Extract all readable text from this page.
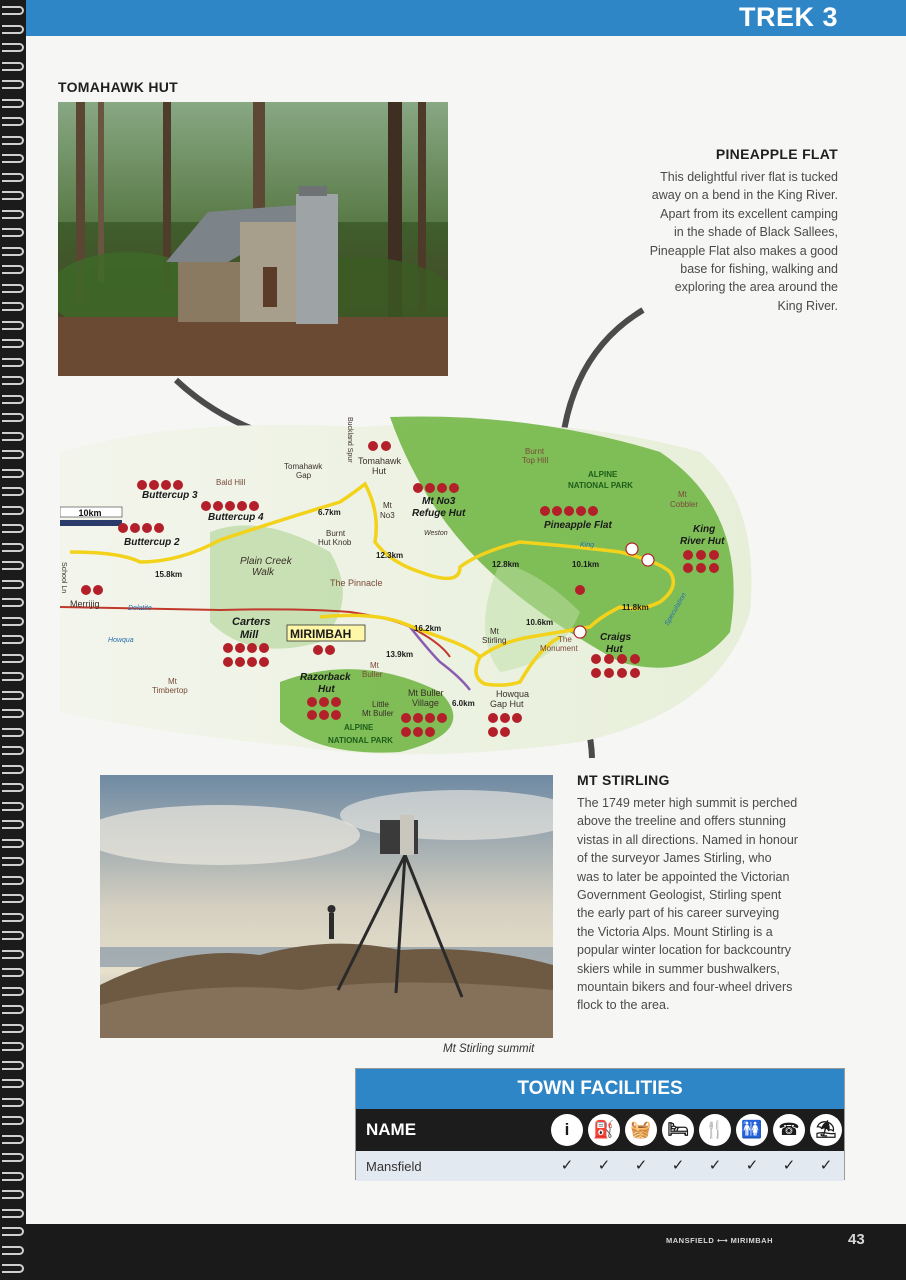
TREK 3
TOMAHAWK HUT
PINEAPPLE FLAT
This delightful river flat is tucked
away on a bend in the King River.
Apart from its excellent camping
in the shade of Black Sallees,
Pineapple Flat also makes a good
base for fishing, walking and
exploring the area around the
King River.
10km
Bald Hill
Tomahawk
Gap
Tomahawk
Hut
Buckland Spur
Buttercup 3
Buttercup 4
Buttercup 2
Mt
No3
Mt No3
Refuge Hut
Burnt
Top Hill
ALPINE
NATIONAL PARK
Mt
Cobbler
Pineapple Flat	King
River Hut
Burnt
Hut Knob
Plain Creek
Walk
The Pinnacle
Merrijig
Carters
Mill	MIRIMBAH	Mt
Stirling	The
Monument
Craigs
Hut
Razorback
Hut
Mt
Buller
Little
Mt Buller
Mt Buller
Village
Howqua
Gap Hut
Mt
Timbertop
ALPINE
NATIONAL PARK
School Ln
Delatite
Howqua
Weston
King
Speculation
6.7km
12.3km
12.8km	10.1km
11.8km
15.8km
16.2km
13.9km
10.6km
6.0km
Mt Stirling summit
MT STIRLING
The 1749 meter high summit is perched
above the treeline and offers stunning
vistas in all directions. Named in honour
of the surveyor James Stirling, who
was to later be appointed the Victorian
Government Geologist, Stirling spent
the early part of his career surveying
the Victoria Alps. Mount Stirling is a
popular winter location for backcountry
skiers while in summer bushwalkers,
mountain bikers and four-wheel drivers
flock to the area.
TOWN FACILITIES
NAME	i	⛽ 🧺 🛏 🍴 🚻 ☎ ⛱
Mansfield	✓	✓	✓	✓	✓	✓	✓	✓
MANSFIELD ⟷ MIRIMBAH	43
